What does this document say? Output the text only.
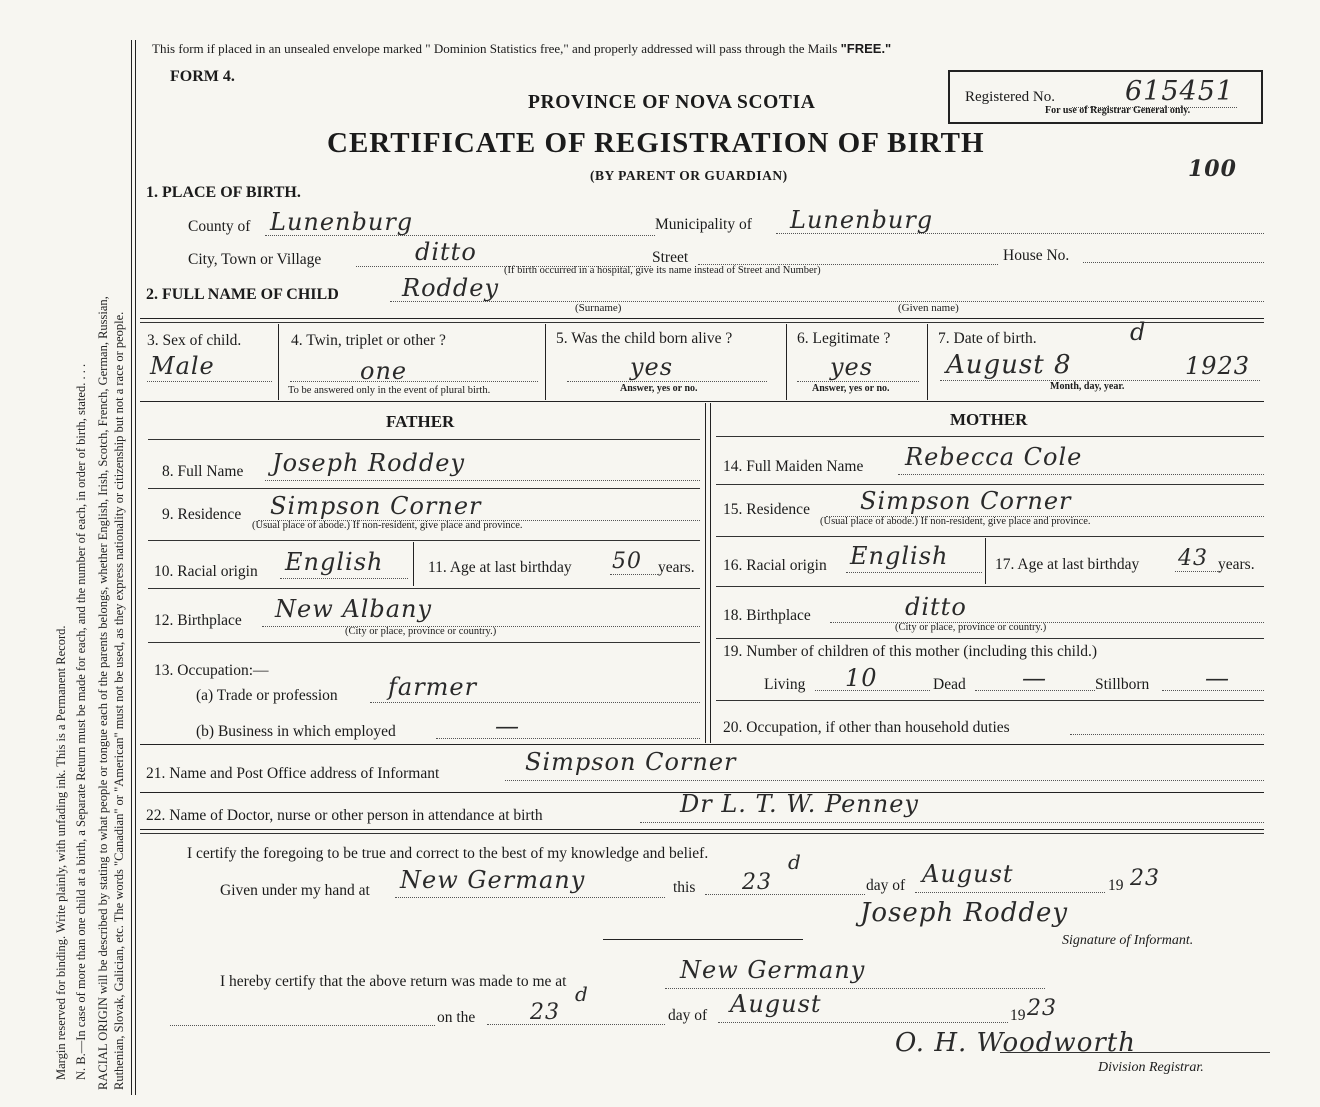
Margin reserved for binding. Write plainly, with unfading ink. This is a Permanent Record. N. B.—In case of more than one child at a birth, a Separate Return must be made for each, and the number of each, in order of birth, stated. . . . RACIAL ORIGIN will be described by stating to what people or tongue each of the parents belongs, whether English, Irish, Scotch, French, German, Russian, Ruthenian, Slovak, Galician, etc. The words "Canadian" or "American" must not be used, as they express nationality or citizenship but not a race or people.
This form if placed in an unsealed envelope marked " Dominion Statistics free," and properly addressed will pass through the Mails "FREE."
FORM 4.
PROVINCE OF NOVA SCOTIA
CERTIFICATE OF REGISTRATION OF BIRTH
(BY PARENT OR GUARDIAN)
Registered No.	615451
For use of Registrar General only.
100
1. PLACE OF BIRTH.
County of Lunenburg	Municipality of Lunenburg
City, Town or Village	ditto	Street	House No.
(If birth occurred in a hospital, give its name instead of Street and Number)
2. FULL NAME OF CHILD	Roddey
(Surname)	(Given name)
3. Sex of child.
Male
4. Twin, triplet or other ?
one
To be answered only in the event of plural birth.
5. Was the child born alive ?
yes
Answer, yes or no.
6. Legitimate ?
yes
Answer, yes or no.
7. Date of birth.
August 8
d
1923
Month, day, year.
FATHER
8. Full Name Joseph Roddey
9. Residence Simpson Corner
(Usual place of abode.) If non-resident, give place and province.
10. Racial origin English	11. Age at last birthday 50 years.
12. Birthplace New Albany
(City or place, province or country.)
13. Occupation:—
(a) Trade or profession farmer
(b) Business in which employed	—
MOTHER
14. Full Maiden Name Rebecca Cole
15. Residence Simpson Corner
(Usual place of abode.) If non-resident, give place and province.
16. Racial origin English	17. Age at last birthday 43 years.
18. Birthplace	ditto
(City or place, province or country.)
19. Number of children of this mother (including this child.)
Living 10	Dead —	Stillborn —
20. Occupation, if other than household duties
21. Name and Post Office address of Informant	Simpson Corner
22. Name of Doctor, nurse or other person in attendance at birth	Dr L. T. W. Penney
I certify the foregoing to be true and correct to the best of my knowledge and belief.
Given under my hand at New Germany	this 23
d
day of August	19 23
Joseph Roddey
Signature of Informant.
I hereby certify that the above return was made to me at	New Germany
on the 23
d
day of August	19 23
O. H. Woodworth
Division Registrar.
